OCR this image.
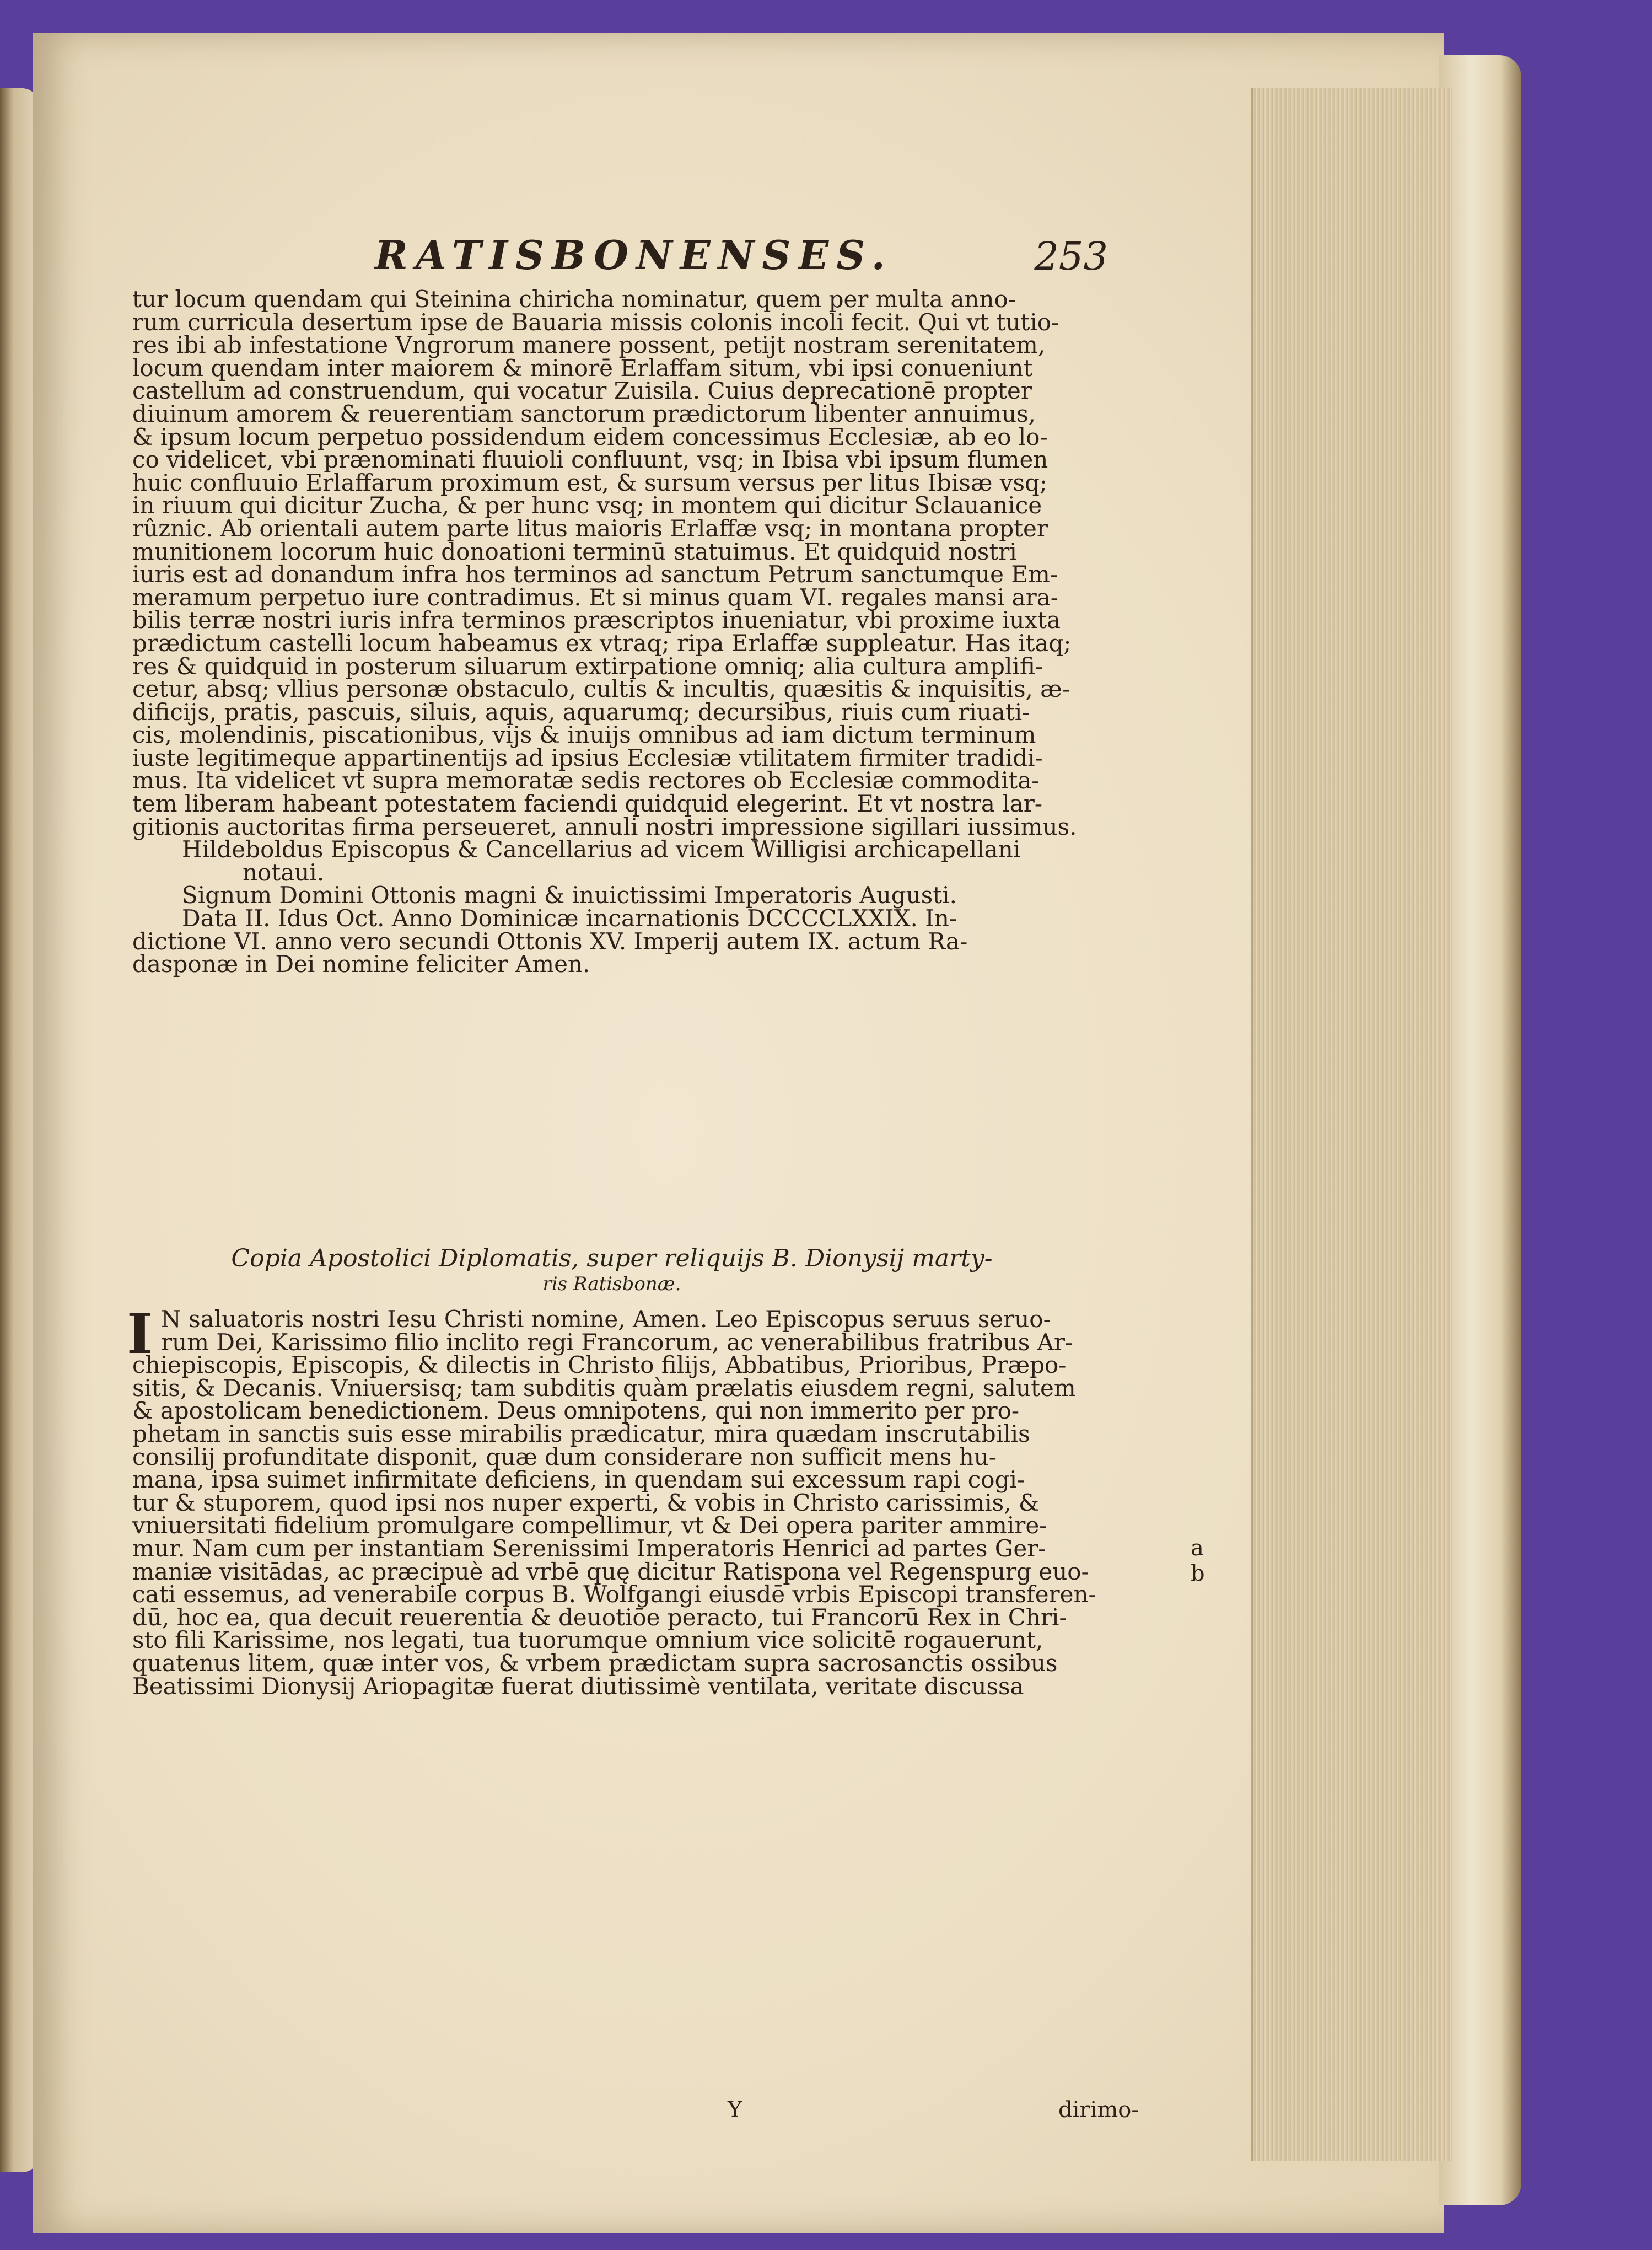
RATISBONENSES.	253
tur locum quendam qui Steinina chiricha nominatur, quem per multa anno-
rum curricula desertum ipse de Bauaria missis colonis incoli fecit. Qui vt tutio-
res ibi ab infestatione Vngrorum manere possent, petijt nostram serenitatem,
locum quendam inter maiorem & minorē Erlaffam situm, vbi ipsi conueniunt
castellum ad construendum, qui vocatur Zuisila. Cuius deprecationē propter
diuinum amorem & reuerentiam sanctorum prædictorum libenter annuimus,
& ipsum locum perpetuo possidendum eidem concessimus Ecclesiæ, ab eo lo-
co videlicet, vbi prænominati fluuioli confluunt, vsq; in Ibisa vbi ipsum flumen
huic confluuio Erlaffarum proximum est, & sursum versus per litus Ibisæ vsq;
in riuum qui dicitur Zucha, & per hunc vsq; in montem qui dicitur Sclauanice
rûznic. Ab orientali autem parte litus maioris Erlaffæ vsq; in montana propter
munitionem locorum huic donoationi terminū statuimus. Et quidquid nostri
iuris est ad donandum infra hos terminos ad sanctum Petrum sanctumque Em-
meramum perpetuo iure contradimus. Et si minus quam VI. regales mansi ara-
bilis terræ nostri iuris infra terminos præscriptos inueniatur, vbi proxime iuxta
prædictum castelli locum habeamus ex vtraq; ripa Erlaffæ suppleatur. Has itaq;
res & quidquid in posterum siluarum extirpatione omniq; alia cultura amplifi-
cetur, absq; vllius personæ obstaculo, cultis & incultis, quæsitis & inquisitis, æ-
dificijs, pratis, pascuis, siluis, aquis, aquarumq; decursibus, riuis cum riuati-
cis, molendinis, piscationibus, vijs & inuijs omnibus ad iam dictum terminum
iuste legitimeque appartinentijs ad ipsius Ecclesiæ vtilitatem firmiter tradidi-
mus. Ita videlicet vt supra memoratæ sedis rectores ob Ecclesiæ commodita-
tem liberam habeant potestatem faciendi quidquid elegerint. Et vt nostra lar-
gitionis auctoritas firma perseueret, annuli nostri impressione sigillari iussimus.
Hildeboldus Episcopus & Cancellarius ad vicem Willigisi archicapellani
notaui.
Signum Domini Ottonis magni & inuictissimi Imperatoris Augusti.
Data II. Idus Oct. Anno Dominicæ incarnationis DCCCCLXXIX. In-
dictione VI. anno vero secundi Ottonis XV. Imperij autem IX. actum Ra-
dasponæ in Dei nomine feliciter Amen.
Copia Apostolici Diplomatis, super reliquijs B. Dionysij marty-
ris Ratisbonæ.
I N saluatoris nostri Iesu Christi nomine, Amen. Leo Episcopus seruus seruo-
rum Dei, Karissimo filio inclito regi Francorum, ac venerabilibus fratribus Ar-
chiepiscopis, Episcopis, & dilectis in Christo filijs, Abbatibus, Prioribus, Præpo-
sitis, & Decanis. Vniuersisq; tam subditis quàm prælatis eiusdem regni, salutem
& apostolicam benedictionem. Deus omnipotens, qui non immerito per pro-
phetam in sanctis suis esse mirabilis prædicatur, mira quædam inscrutabilis
consilij profunditate disponit, quæ dum considerare non sufficit mens hu-
mana, ipsa suimet infirmitate deficiens, in quendam sui excessum rapi cogi-
tur & stuporem, quod ipsi nos nuper experti, & vobis in Christo carissimis, &
vniuersitati fidelium promulgare compellimur, vt & Dei opera pariter ammire-
mur. Nam cum per instantiam Serenissimi Imperatoris Henrici ad partes Ger-
maniæ visitādas, ac præcipuè ad vrbē quę dicitur Ratispona vel Regenspurg euo-
cati essemus, ad venerabile corpus B. Wolfgangi eiusdē vrbis Episcopi transferen-
dū, hoc ea, qua decuit reuerentia & deuotiōe peracto, tui Francorū Rex in Chri-
sto fili Karissime, nos legati, tua tuorumque omnium vice solicitē rogauerunt,
quatenus litem, quæ inter vos, & vrbem prædictam supra sacrosanctis ossibus
Beatissimi Dionysij Ariopagitæ fuerat diutissimè ventilata, veritate discussa
a b
Y	dirimo-
